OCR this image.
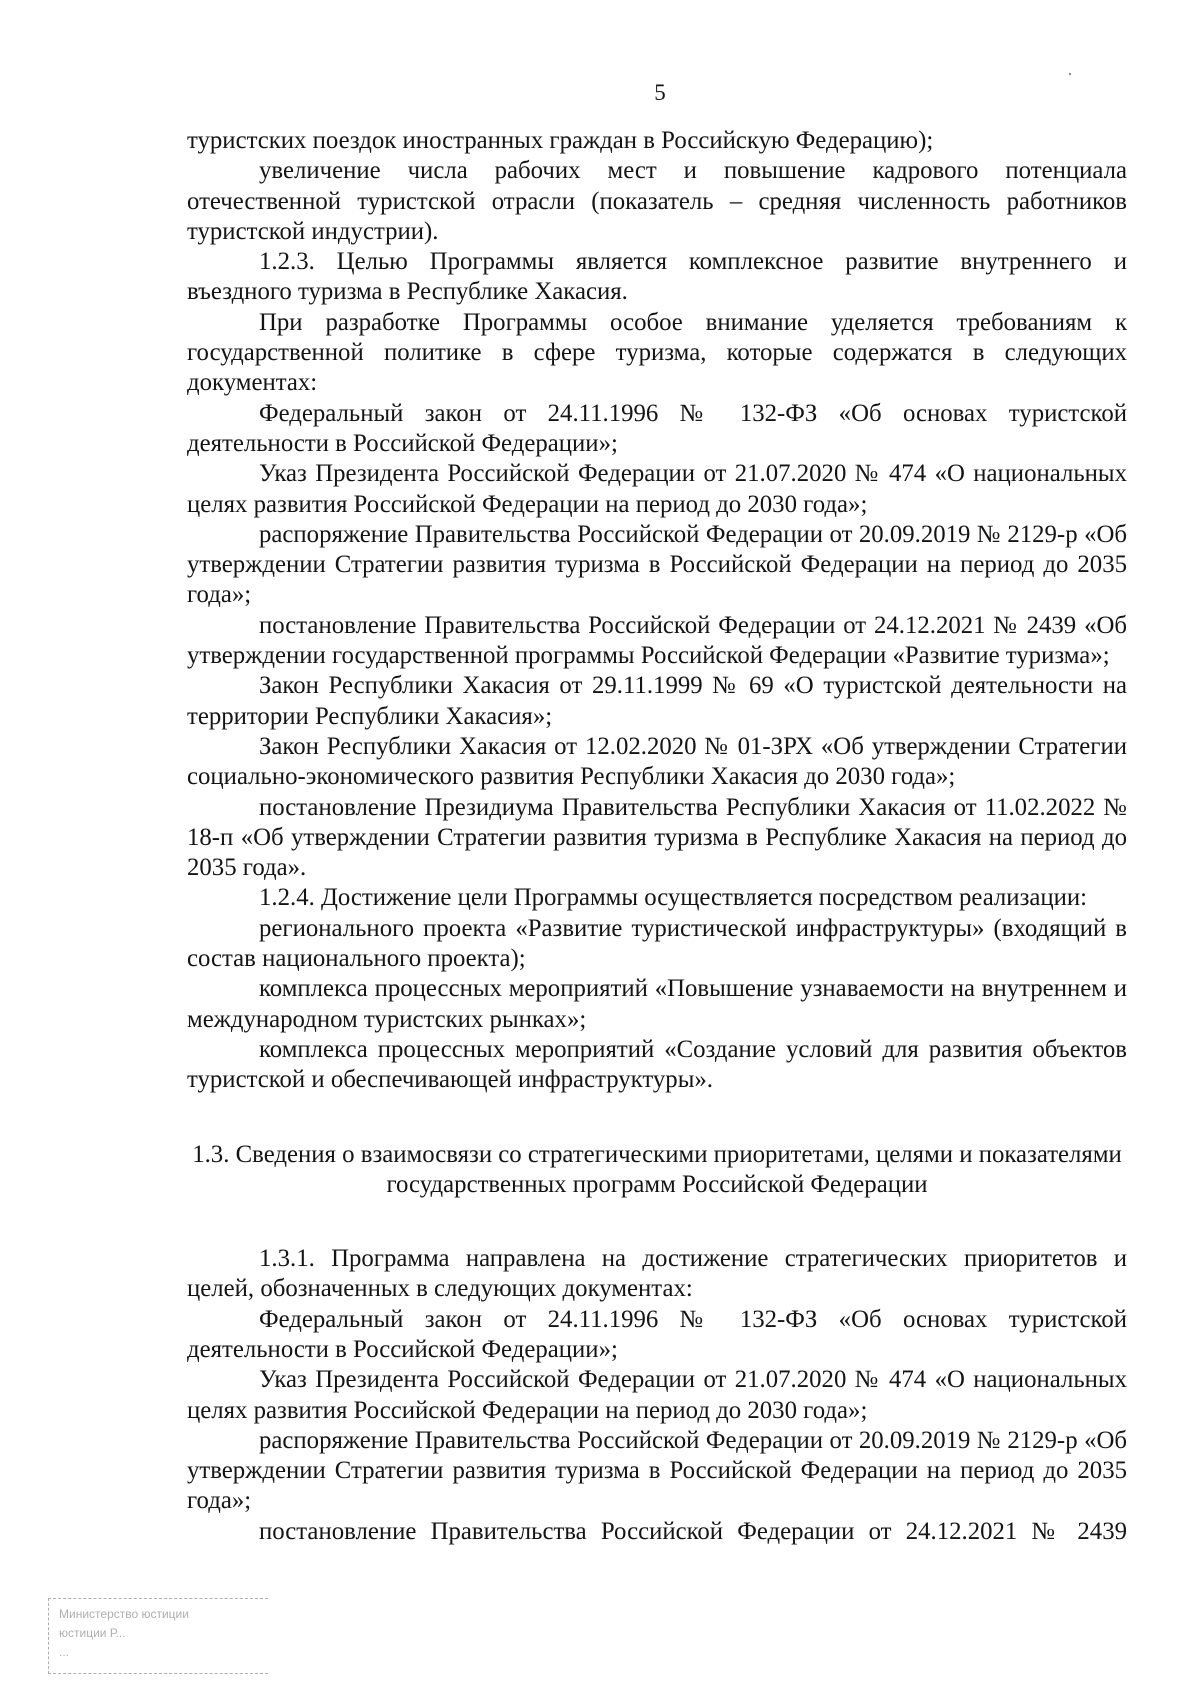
5

туристских поездок иностранных граждан в Российскую Федерацию);

увеличение числа рабочих мест и повышение кадрового потенциала отечественной туристской отрасли (показатель – средняя численность работников туристской индустрии).

1.2.3. Целью Программы является комплексное развитие внутреннего и въездного туризма в Республике Хакасия.

При разработке Программы особое внимание уделяется требованиям к государственной политике в сфере туризма, которые содержатся в следующих документах:

Федеральный закон от 24.11.1996 № 132-ФЗ «Об основах туристской деятельности в Российской Федерации»;

Указ Президента Российской Федерации от 21.07.2020 № 474 «О национальных целях развития Российской Федерации на период до 2030 года»;

распоряжение Правительства Российской Федерации от 20.09.2019 № 2129-р «Об утверждении Стратегии развития туризма в Российской Федерации на период до 2035 года»;

постановление Правительства Российской Федерации от 24.12.2021 № 2439 «Об утверждении государственной программы Российской Федерации «Развитие туризма»;

Закон Республики Хакасия от 29.11.1999 № 69 «О туристской деятельности на территории Республики Хакасия»;

Закон Республики Хакасия от 12.02.2020 № 01-ЗРХ «Об утверждении Стратегии социально-экономического развития Республики Хакасия до 2030 года»;

постановление Президиума Правительства Республики Хакасия от 11.02.2022 № 18-п «Об утверждении Стратегии развития туризма в Республике Хакасия на период до 2035 года».

1.2.4. Достижение цели Программы осуществляется посредством реализации:

регионального проекта «Развитие туристической инфраструктуры» (входящий в состав национального проекта);

комплекса процессных мероприятий «Повышение узнаваемости на внутреннем и международном туристских рынках»;

комплекса процессных мероприятий «Создание условий для развития объектов туристской и обеспечивающей инфраструктуры».

1.3. Сведения о взаимосвязи со стратегическими приоритетами, целями и показателями государственных программ Российской Федерации

1.3.1. Программа направлена на достижение стратегических приоритетов и целей, обозначенных в следующих документах:

Федеральный закон от 24.11.1996 № 132-ФЗ «Об основах туристской деятельности в Российской Федерации»;

Указ Президента Российской Федерации от 21.07.2020 № 474 «О национальных целях развития Российской Федерации на период до 2030 года»;

распоряжение Правительства Российской Федерации от 20.09.2019 № 2129-р «Об утверждении Стратегии развития туризма в Российской Федерации на период до 2035 года»;

постановление Правительства Российской Федерации от 24.12.2021 № 2439

Министерство юстиции
юстиции Р...
...
